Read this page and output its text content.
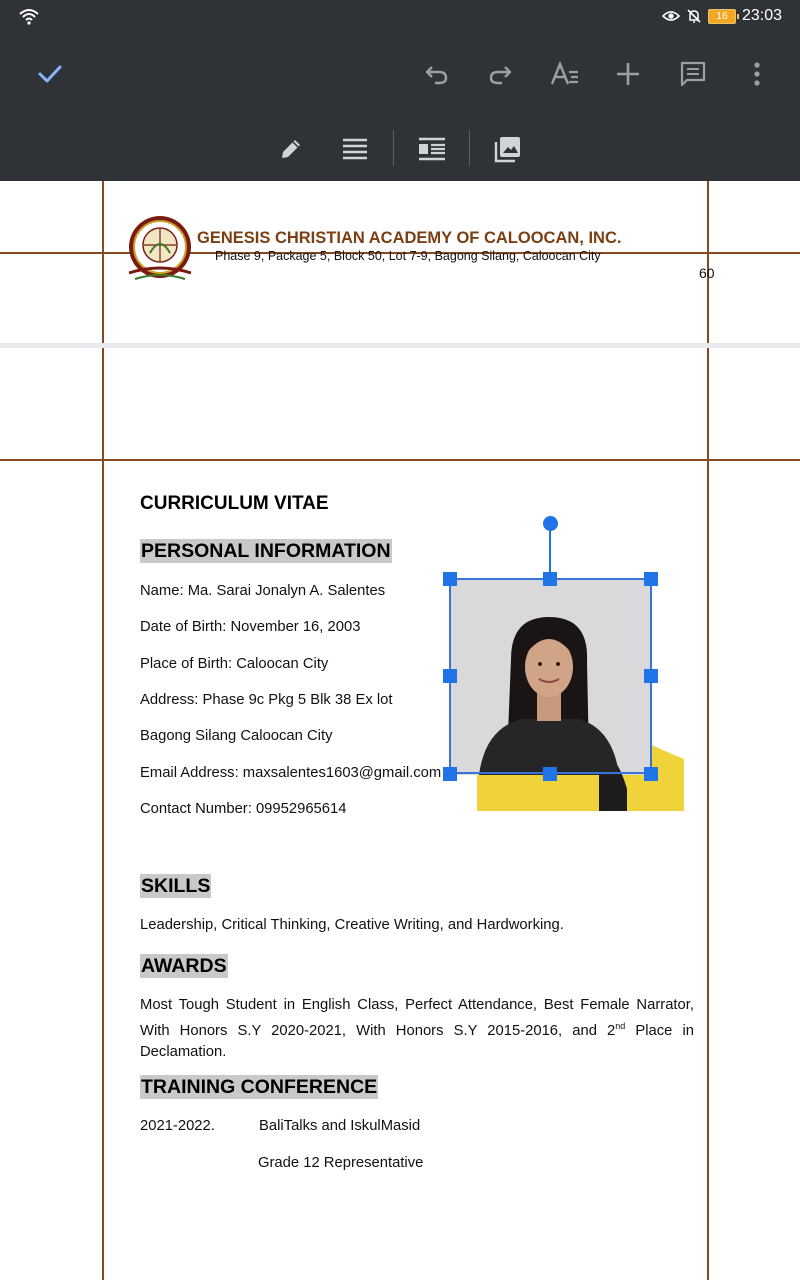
16 23:03
GENESIS CHRISTIAN ACADEMY OF CALOOCAN, INC.
Phase 9, Package 5, Block 50, Lot 7-9, Bagong Silang, Caloocan City
60
CURRICULUM VITAE
PERSONAL INFORMATION
Name: Ma. Sarai Jonalyn A. Salentes
Date of Birth: November 16, 2003
Place of Birth: Caloocan City
Address: Phase 9c Pkg 5 Blk 38 Ex lot
Bagong Silang Caloocan City
Email Address: maxsalentes1603@gmail.com
Contact Number: 09952965614
SKILLS
Leadership, Critical Thinking, Creative Writing, and Hardworking.
AWARDS
Most Tough Student in English Class, Perfect Attendance, Best Female Narrator, With Honors S.Y 2020-2021, With Honors S.Y 2015-2016, and 2nd Place in Declamation.
TRAINING CONFERENCE
2021-2022.	BaliTalks and IskulMasid
Grade 12 Representative
